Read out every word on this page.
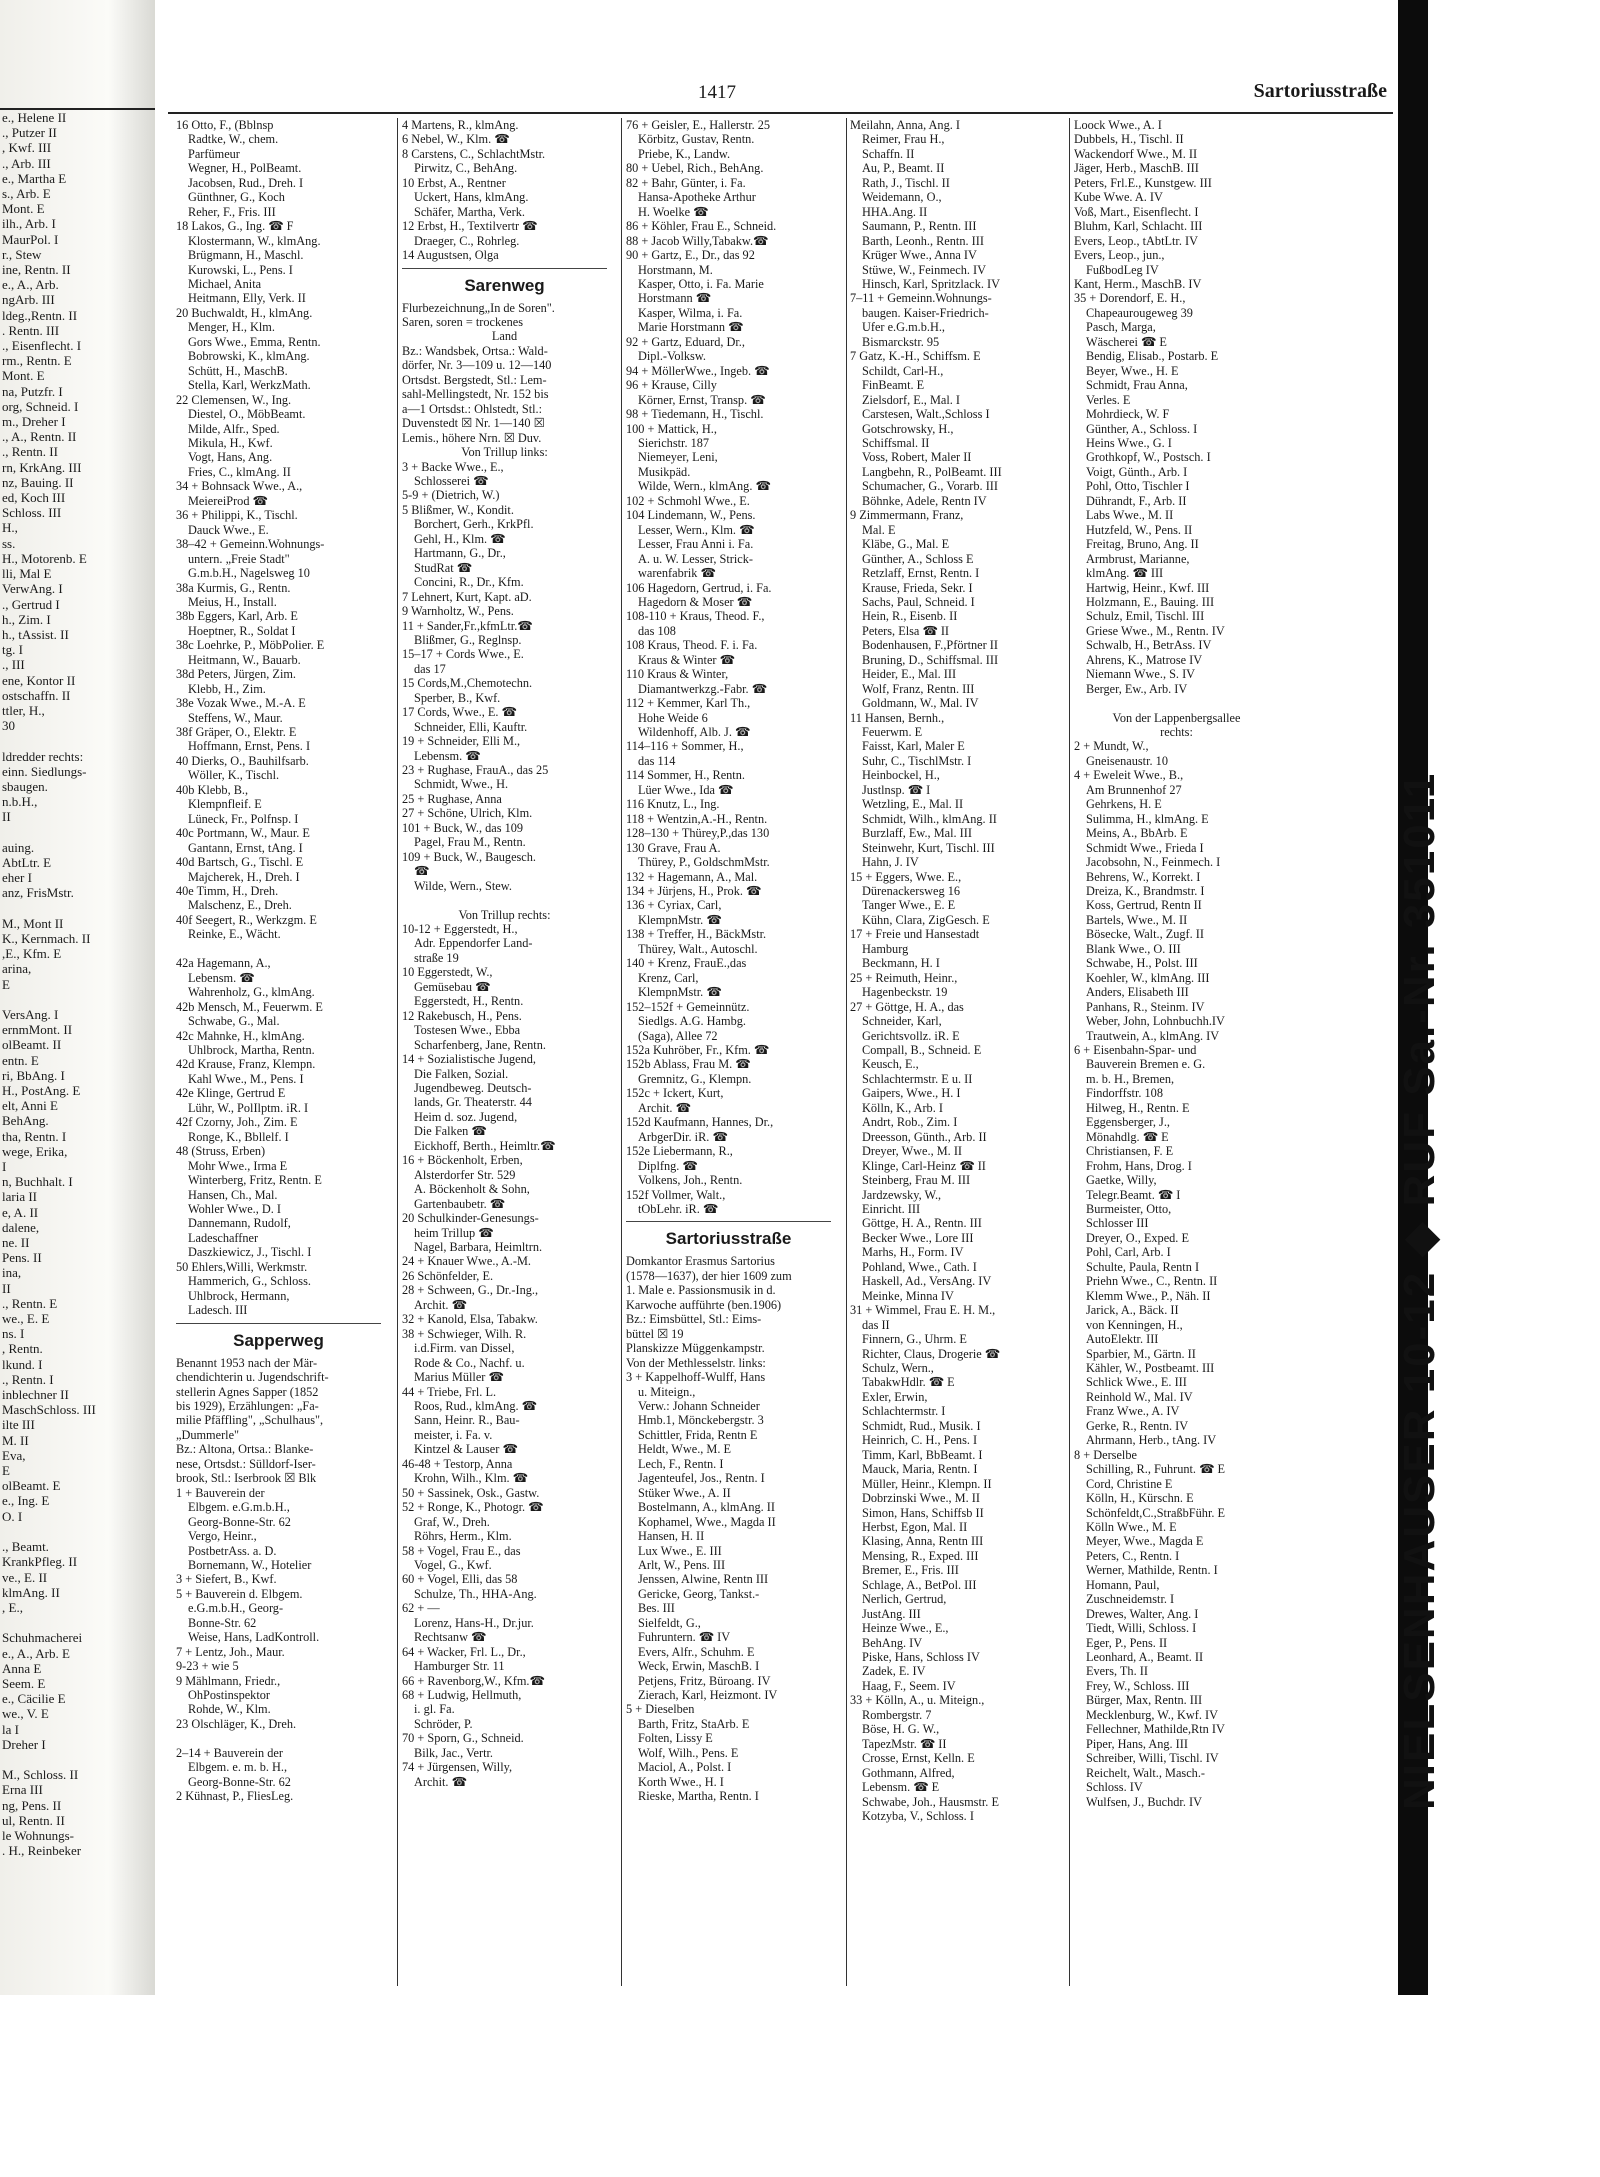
e., Helene II
., Putzer II
, Kwf. III
., Arb. III
e., Martha E
s., Arb. E
Mont. E
ilh., Arb. I
MaurPol. I
r., Stew
ine, Rentn. II
e., A., Arb.
ngArb. III
ldeg.,Rentn. II
. Rentn. III
., Eisenflecht. I
rm., Rentn. E
Mont. E
na, Putzfr. I
org, Schneid. I
m., Dreher I
., A., Rentn. II
., Rentn. II
rn, KrkAng. III
nz, Bauing. II
ed, Koch III
Schloss. III
H.,
ss.
H., Motorenb. E
lli, Mal E
VerwAng. I
., Gertrud I
h., Zim. I
h., tAssist. II
tg. I
., III
ene, Kontor II
ostschaffn. II
ttler, H.,
30

ldredder rechts:
einn. Siedlungs-
sbaugen.
n.b.H.,
II

auing.
AbtLtr. E
eher I
anz, FrisMstr.

M., Mont II
K., Kernmach. II
,E., Kfm. E
arina,
E

VersAng. I
ernmMont. II
olBeamt. II
entn. E
ri, BbAng. I
H., PostAng. E
elt, Anni E
BehAng.
tha, Rentn. I
wege, Erika,
I
n, Buchhalt. I
laria II
e, A. II
dalene,
ne. II
Pens. II
ina,
II
., Rentn. E
we., E. E
ns. I
, Rentn.
lkund. I
., Rentn. I
inblechner II
MaschSchloss. III
ilte III
M. II
Eva,
E
olBeamt. E
e., Ing. E
O. I

., Beamt.
KrankPfleg. II
ve., E. II
klmAng. II
, E.,

Schuhmacherei
e., A., Arb. E
Anna E
Seem. E
e., Cäcilie E
we., V. E
la I
Dreher I

M., Schloss. II
Erna III
ng, Pens. II
ul, Rentn. II
le Wohnungs-
. H., Reinbeker
1417	Sartoriusstraße
16 Otto, F., (Bblnsp
Radtke, W., chem.
Parfümeur
Wegner, H., PolBeamt.
Jacobsen, Rud., Dreh. I
Günthner, G., Koch
Reher, F., Fris. III
18 Lakos, G., Ing. ☎ F
Klostermann, W., klmAng.
Brügmann, H., Maschl.
Kurowski, L., Pens. I
Michael, Anita
Heitmann, Elly, Verk. II
20 Buchwaldt, H., klmAng.
Menger, H., Klm.
Gors Wwe., Emma, Rentn.
Bobrowski, K., klmAng.
Schütt, H., MaschB.
Stella, Karl, WerkzMath.
22 Clemensen, W., Ing.
Diestel, O., MöbBeamt.
Milde, Alfr., Sped.
Mikula, H., Kwf.
Vogt, Hans, Ang.
Fries, C., klmAng. II
34 + Bohnsack Wwe., A.,
MeiereiProd ☎
36 + Philippi, K., Tischl.
Dauck Wwe., E.
38–42 + Gemeinn.Wohnungs-
untern. „Freie Stadt"
G.m.b.H., Nagelsweg 10
38a Kurmis, G., Rentn.
Meius, H., Install.
38b Eggers, Karl, Arb. E
Hoeptner, R., Soldat I
38c Loehrke, P., MöbPolier. E
Heitmann, W., Bauarb.
38d Peters, Jürgen, Zim.
Klebb, H., Zim.
38e Vozak Wwe., M.-A. E
Steffens, W., Maur.
38f Gräper, O., Elektr. E
Hoffmann, Ernst, Pens. I
40 Dierks, O., Bauhilfsarb.
Wöller, K., Tischl.
40b Klebb, B.,
Klempnfleif. E
Lüneck, Fr., Polfnsp. I
40c Portmann, W., Maur. E
Gantann, Ernst, tAng. I
40d Bartsch, G., Tischl. E
Majcherek, H., Dreh. I
40e Timm, H., Dreh.
Malschenz, E., Dreh.
40f Seegert, R., Werkzgm. E
Reinke, E., Wächt.

42a Hagemann, A.,
Lebensm. ☎
Wahrenholz, G., klmAng.
42b Mensch, M., Feuerwm. E
Schwabe, G., Mal.
42c Mahnke, H., klmAng.
Uhlbrock, Martha, Rentn.
42d Krause, Franz, Klempn.
Kahl Wwe., M., Pens. I
42e Klinge, Gertrud E
Lühr, W., PolIlptm. iR. I
42f Czorny, Joh., Zim. E
Ronge, K., Bbllelf. I
48 (Struss, Erben)
Mohr Wwe., Irma E
Winterberg, Fritz, Rentn. E
Hansen, Ch., Mal.
Wohler Wwe., D. I
Dannemann, Rudolf,
Ladeschaffner
Daszkiewicz, J., Tischl. I
50 Ehlers,Willi, Werkmstr.
Hammerich, G., Schloss.
Uhlbrock, Hermann,
Ladesch. III
Sapperweg
Benannt 1953 nach der Mär-
chendichterin u. Jugendschrift-
stellerin Agnes Sapper (1852
bis 1929), Erzählungen: „Fa-
milie Pfäffling", „Schulhaus",
„Dummerle"
Bz.: Altona, Ortsa.: Blanke-
nese, Ortsdst.: Sülldorf-Iser-
brook, Stl.: Iserbrook ☒ Blk
1 + Bauverein der
Elbgem. e.G.m.b.H.,
Georg-Bonne-Str. 62
Vergo, Heinr.,
PostbetrAss. a. D.
Bornemann, W., Hotelier
3 + Siefert, B., Kwf.
5 + Bauverein d. Elbgem.
e.G.m.b.H., Georg-
Bonne-Str. 62
Weise, Hans, LadKontroll.
7 + Lentz, Joh., Maur.
9-23 + wie 5
9 Mählmann, Friedr.,
OhPostinspektor
Rohde, W., Klm.
23 Olschläger, K., Dreh.

2–14 + Bauverein der
Elbgem. e. m. b. H.,
Georg-Bonne-Str. 62
2 Kühnast, P., FliesLeg.
4 Martens, R., klmAng.
6 Nebel, W., Klm. ☎
8 Carstens, C., SchlachtMstr.
Pirwitz, C., BehAng.
10 Erbst, A., Rentner
Uckert, Hans, klmAng.
Schäfer, Martha, Verk.
12 Erbst, H., Textilvertr ☎
Draeger, C., Rohrleg.
14 Augustsen, Olga
Sarenweg
Flurbezeichnung„In de Soren".
Saren, soren = trockenes
Land
Bz.: Wandsbek, Ortsa.: Wald-
dörfer, Nr. 3—109 u. 12—140
Ortsdst. Bergstedt, Stl.: Lem-
sahl-Mellingstedt, Nr. 152 bis
a—1 Ortsdst.: Ohlstedt, Stl.:
Duvenstedt ☒ Nr. 1—140 ☒
Lemis., höhere Nrn. ☒ Duv.
Von Trillup links:
3 + Backe Wwe., E.,
Schlosserei ☎
5-9 + (Dietrich, W.)
5 Blißmer, W., Kondit.
Borchert, Gerh., KrkPfl.
Gehl, H., Klm. ☎
Hartmann, G., Dr.,
StudRat ☎
Concini, R., Dr., Kfm.
7 Lehnert, Kurt, Kapt. aD.
9 Warnholtz, W., Pens.
11 + Sander,Fr.,kfmLtr.☎
Blißmer, G., Reglnsp.
15–17 + Cords Wwe., E.
das 17
15 Cords,M.,Chemotechn.
Sperber, B., Kwf.
17 Cords, Wwe., E. ☎
Schneider, Elli, Kauftr.
19 + Schneider, Elli M.,
Lebensm. ☎
23 + Rughase, FrauA., das 25
Schmidt, Wwe., H.
25 + Rughase, Anna
27 + Schöne, Ulrich, Klm.
101 + Buck, W., das 109
Pagel, Frau M., Rentn.
109 + Buck, W., Baugesch.
☎
Wilde, Wern., Stew.

Von Trillup rechts:
10-12 + Eggerstedt, H.,
Adr. Eppendorfer Land-
straße 19
10 Eggerstedt, W.,
Gemüsebau ☎
Eggerstedt, H., Rentn.
12 Rakebusch, H., Pens.
Tostesen Wwe., Ebba
Scharfenberg, Jane, Rentn.
14 + Sozialistische Jugend,
Die Falken, Sozial.
Jugendbeweg. Deutsch-
lands, Gr. Theaterstr. 44
Heim d. soz. Jugend,
Die Falken ☎
Eickhoff, Berth., Heimltr.☎
16 + Böckenholt, Erben,
Alsterdorfer Str. 529
A. Böckenholt & Sohn,
Gartenbaubetr. ☎
20 Schulkinder-Genesungs-
heim Trillup ☎
Nagel, Barbara, Heimltrn.
24 + Knauer Wwe., A.-M.
26 Schönfelder, E.
28 + Schween, G., Dr.-Ing.,
Archit. ☎
32 + Kanold, Elsa, Tabakw.
38 + Schwieger, Wilh. R.
i.d.Firm. van Dissel,
Rode & Co., Nachf. u.
Marius Müller ☎
44 + Triebe, Frl. L.
Roos, Rud., klmAng. ☎
Sann, Heinr. R., Bau-
meister, i. Fa. v.
Kintzel & Lauser ☎
46-48 + Testorp, Anna
Krohn, Wilh., Klm. ☎
50 + Sassinek, Osk., Gastw.
52 + Ronge, K., Photogr. ☎
Graf, W., Dreh.
Röhrs, Herm., Klm.
58 + Vogel, Frau E., das
Vogel, G., Kwf.
60 + Vogel, Elli, das 58
Schulze, Th., HHA-Ang.
62 + —
Lorenz, Hans-H., Dr.jur.
Rechtsanw ☎
64 + Wacker, Frl. L., Dr.,
Hamburger Str. 11
66 + Ravenborg,W., Kfm.☎
68 + Ludwig, Hellmuth,
i. gl. Fa.
Schröder, P.
70 + Sporn, G., Schneid.
Bilk, Jac., Vertr.
74 + Jürgensen, Willy,
Archit. ☎
76 + Geisler, E., Hallerstr. 25
Körbitz, Gustav, Rentn.
Priebe, K., Landw.
80 + Uebel, Rich., BehAng.
82 + Bahr, Günter, i. Fa.
Hansa-Apotheke Arthur
H. Woelke ☎
86 + Köhler, Frau E., Schneid.
88 + Jacob Willy,Tabakw.☎
90 + Gartz, E., Dr., das 92
Horstmann, M.
Kasper, Otto, i. Fa. Marie
Horstmann ☎
Kasper, Wilma, i. Fa.
Marie Horstmann ☎
92 + Gartz, Eduard, Dr.,
Dipl.-Volksw.
94 + MöllerWwe., Ingeb. ☎
96 + Krause, Cilly
Körner, Ernst, Transp. ☎
98 + Tiedemann, H., Tischl.
100 + Mattick, H.,
Sierichstr. 187
Niemeyer, Leni,
Musikpäd.
Wilde, Wern., klmAng. ☎
102 + Schmohl Wwe., E.
104 Lindemann, W., Pens.
Lesser, Wern., Klm. ☎
Lesser, Frau Anni i. Fa.
A. u. W. Lesser, Strick-
warenfabrik ☎
106 Hagedorn, Gertrud, i. Fa.
Hagedorn & Moser ☎
108-110 + Kraus, Theod. F.,
das 108
108 Kraus, Theod. F. i. Fa.
Kraus & Winter ☎
110 Kraus & Winter,
Diamantwerkzg.-Fabr. ☎
112 + Kemmer, Karl Th.,
Hohe Weide 6
Wildenhoff, Alb. J. ☎
114–116 + Sommer, H.,
das 114
114 Sommer, H., Rentn.
Lüer Wwe., Ida ☎
116 Knutz, L., Ing.
118 + Wentzin,A.-H., Rentn.
128–130 + Thürey,P.,das 130
130 Grave, Frau A.
Thürey, P., GoldschmMstr.
132 + Hagemann, A., Mal.
134 + Jürjens, H., Prok. ☎
136 + Cyriax, Carl,
KlempnMstr. ☎
138 + Treffer, H., BäckMstr.
Thürey, Walt., Autoschl.
140 + Krenz, FrauE.,das
Krenz, Carl,
KlempnMstr. ☎
152–152f + Gemeinnütz.
Siedlgs. A.G. Hambg.
(Saga), Allee 72
152a Kuhröber, Fr., Kfm. ☎
152b Ablass, Frau M. ☎
Gremnitz, G., Klempn.
152c + Ickert, Kurt,
Archit. ☎
152d Kaufmann, Hannes, Dr.,
ArbgerDir. iR. ☎
152e Liebermann, R.,
Diplfng. ☎
Volkens, Joh., Rentn.
152f Vollmer, Walt.,
tObLehr. iR. ☎
Sartoriusstraße
Domkantor Erasmus Sartorius
(1578—1637), der hier 1609 zum
1. Male e. Passionsmusik in d.
Karwoche aufführte (ben.1906)
Bz.: Eimsbüttel, Stl.: Eims-
büttel ☒ 19
Planskizze Müggenkampstr.
Von der Methlesselstr. links:
3 + Kappelhoff-Wulff, Hans
u. Miteign.,
Verw.: Johann Schneider
Hmb.1, Mönckebergstr. 3
Schittler, Frida, Rentn E
Heldt, Wwe., M. E
Lech, F., Rentn. I
Jagenteufel, Jos., Rentn. I
Stüker Wwe., A. II
Bostelmann, A., klmAng. II
Kophamel, Wwe., Magda II
Hansen, H. II
Lux Wwe., E. III
Arlt, W., Pens. III
Jenssen, Alwine, Rentn III
Gericke, Georg, Tankst.-
Bes. III
Sielfeldt, G.,
Fuhruntern. ☎ IV
Evers, Alfr., Schuhm. E
Weck, Erwin, MaschB. I
Petjens, Fritz, Büroang. IV
Zierach, Karl, Heizmont. IV
5 + Dieselben
Barth, Fritz, StaArb. E
Folten, Lissy E
Wolf, Wilh., Pens. E
Maciol, A., Polst. I
Korth Wwe., H. I
Rieske, Martha, Rentn. I
Meilahn, Anna, Ang. I
Reimer, Frau H.,
Schaffn. II
Au, P., Beamt. II
Rath, J., Tischl. II
Weidemann, O.,
HHA.Ang. II
Saumann, P., Rentn. III
Barth, Leonh., Rentn. III
Krüger Wwe., Anna IV
Stüwe, W., Feinmech. IV
Hinsch, Karl, Spritzlack. IV
7–11 + Gemeinn.Wohnungs-
baugen. Kaiser-Friedrich-
Ufer e.G.m.b.H.,
Bismarckstr. 95
7 Gatz, K.-H., Schiffsm. E
Schildt, Carl-H.,
FinBeamt. E
Zielsdorf, E., Mal. I
Carstesen, Walt.,Schloss I
Gotschrowsky, H.,
Schiffsmal. II
Voss, Robert, Maler II
Langbehn, R., PolBeamt. III
Schumacher, G., Vorarb. III
Böhnke, Adele, Rentn IV
9 Zimmermann, Franz,
Mal. E
Kläbe, G., Mal. E
Günther, A., Schloss E
Retzlaff, Ernst, Rentn. I
Krause, Frieda, Sekr. I
Sachs, Paul, Schneid. I
Hein, R., Eisenb. II
Peters, Elsa ☎ II
Bodenhausen, F.,Pförtner II
Bruning, D., Schiffsmal. III
Heider, E., Mal. III
Wolf, Franz, Rentn. III
Goldmann, W., Mal. IV
11 Hansen, Bernh.,
Feuerwm. E
Faisst, Karl, Maler E
Suhr, C., TischlMstr. I
Heinbockel, H.,
Justlnsp. ☎ I
Wetzling, E., Mal. II
Schmidt, Wilh., klmAng. II
Burzlaff, Ew., Mal. III
Steinwehr, Kurt, Tischl. III
Hahn, J. IV
15 + Eggers, Wwe. E.,
Dürenackersweg 16
Tanger Wwe., E. E
Kühn, Clara, ZigGesch. E
17 + Freie und Hansestadt
Hamburg
Beckmann, H. I
25 + Reimuth, Heinr.,
Hagenbeckstr. 19
27 + Göttge, H. A., das
Schneider, Karl,
Gerichtsvollz. iR. E
Compall, B., Schneid. E
Keusch, E.,
Schlachtermstr. E u. II
Gaipers, Wwe., H. I
Kölln, K., Arb. I
Andrt, Rob., Zim. I
Dreesson, Günth., Arb. II
Dreyer, Wwe., M. II
Klinge, Carl-Heinz ☎ II
Steinberg, Frau M. III
Jardzewsky, W.,
Einricht. III
Göttge, H. A., Rentn. III
Becker Wwe., Lore III
Marhs, H., Form. IV
Pohland, Wwe., Cath. I
Haskell, Ad., VersAng. IV
Meinke, Minna IV
31 + Wimmel, Frau E. H. M.,
das II
Finnern, G., Uhrm. E
Richter, Claus, Drogerie ☎
Schulz, Wern.,
TabakwHdlr. ☎ E
Exler, Erwin,
Schlachtermstr. I
Schmidt, Rud., Musik. I
Heinrich, C. H., Pens. I
Timm, Karl, BbBeamt. I
Mauck, Maria, Rentn. I
Müller, Heinr., Klempn. II
Dobrzinski Wwe., M. II
Simon, Hans, Schiffsb II
Herbst, Egon, Mal. II
Klasing, Anna, Rentn III
Mensing, R., Exped. III
Bremer, E., Fris. III
Schlage, A., BetPol. III
Nerlich, Gertrud,
JustAng. III
Heinze Wwe., E.,
BehAng. IV
Piske, Hans, Schloss IV
Zadek, E. IV
Haag, F., Seem. IV
33 + Kölln, A., u. Miteign.,
Rombergstr. 7
Böse, H. G. W.,
TapezMstr. ☎ II
Crosse, Ernst, Kelln. E
Gothmann, Alfred,
Lebensm. ☎ E
Schwabe, Joh., Hausmstr. E
Kotzyba, V., Schloss. I
Loock Wwe., A. I
Dubbels, H., Tischl. II
Wackendorf Wwe., M. II
Jäger, Herb., MaschB. III
Peters, Frl.E., Kunstgew. III
Kube Wwe. A. IV
Voß, Mart., Eisenflecht. I
Bluhm, Karl, Schlacht. III
Evers, Leop., tAbtLtr. IV
Evers, Leop., jun.,
FußbodLeg IV
Kant, Herm., MaschB. IV
35 + Dorendorf, E. H.,
Chapeaurougeweg 39
Pasch, Marga,
Wäscherei ☎ E
Bendig, Elisab., Postarb. E
Beyer, Wwe., H. E
Schmidt, Frau Anna,
Verles. E
Mohrdieck, W. F
Günther, A., Schloss. I
Heins Wwe., G. I
Grothkopf, W., Postsch. I
Voigt, Günth., Arb. I
Pohl, Otto, Tischler I
Dührandt, F., Arb. II
Labs Wwe., M. II
Hutzfeld, W., Pens. II
Freitag, Bruno, Ang. II
Armbrust, Marianne,
klmAng. ☎ III
Hartwig, Heinr., Kwf. III
Holzmann, E., Bauing. III
Schulz, Emil, Tischl. III
Griese Wwe., M., Rentn. IV
Schwalb, H., BetrAss. IV
Ahrens, K., Matrose IV
Niemann Wwe., S. IV
Berger, Ew., Arb. IV

Von der Lappenbergsallee
rechts:
2 + Mundt, W.,
Gneisenaustr. 10
4 + Eweleit Wwe., B.,
Am Brunnenhof 27
Gehrkens, H. E
Sulimma, H., klmAng. E
Meins, A., BbArb. E
Schmidt Wwe., Frieda I
Jacobsohn, N., Feinmech. I
Behrens, W., Korrekt. I
Dreiza, K., Brandmstr. I
Koss, Gertrud, Rentn II
Bartels, Wwe., M. II
Bösecke, Walt., Zugf. II
Blank Wwe., O. III
Schwabe, H., Polst. III
Koehler, W., klmAng. III
Anders, Elisabeth III
Panhans, R., Steinm. IV
Weber, John, Lohnbuchh.IV
Trautwein, A., klmAng. IV
6 + Eisenbahn-Spar- und
Bauverein Bremen e. G.
m. b. H., Bremen,
Findorffstr. 108
Hilweg, H., Rentn. E
Eggensberger, J.,
Mönahdlg. ☎ E
Christiansen, F. E
Frohm, Hans, Drog. I
Gaetke, Willy,
Telegr.Beamt. ☎ I
Burmeister, Otto,
Schlosser III
Dreyer, O., Exped. E
Pohl, Carl, Arb. I
Schulte, Paula, Rentn I
Priehn Wwe., C., Rentn. II
Klemm Wwe., P., Näh. II
Jarick, A., Bäck. II
von Kenningen, H.,
AutoElektr. III
Sparbier, M., Gärtn. II
Kähler, W., Postbeamt. III
Schlick Wwe., E. III
Reinhold W., Mal. IV
Franz Wwe., A. IV
Gerke, R., Rentn. IV
Ahrmann, Herb., tAng. IV
8 + Derselbe
Schilling, R., Fuhrunt. ☎ E
Cord, Christine E
Kölln, H., Kürschn. E
Schönfeldt,C.,StraßbFühr. E
Kölln Wwe., M. E
Meyer, Wwe., Magda E
Peters, C., Rentn. I
Werner, Mathilde, Rentn. I
Homann, Paul,
Zuschneidemstr. I
Drewes, Walter, Ang. I
Tiedt, Willi, Schloss. I
Eger, P., Pens. II
Leonhard, A., Beamt. II
Evers, Th. II
Frey, W., Schloss. III
Bürger, Max, Rentn. III
Mecklenburg, W., Kwf. IV
Fellechner, Mathilde,Rtn IV
Piper, Hans, Ang. III
Schreiber, Willi, Tischl. IV
Reichelt, Walt., Masch.-
Schloss. IV
Wulfsen, J., Buchdr. IV	NIELSENHAUSER 10-12 ◆ RUF Sa.-Nr. 351011
